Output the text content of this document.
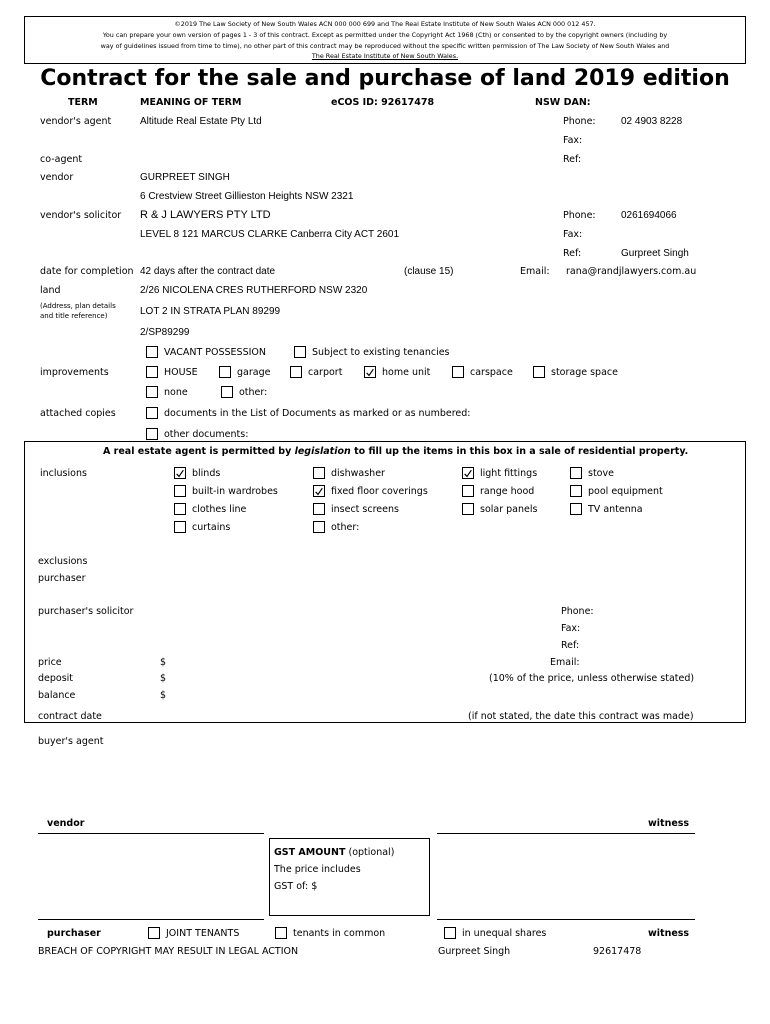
©2019 The Law Society of New South Wales ACN 000 000 699 and The Real Estate Institute of New South Wales ACN 000 012 457.
You can prepare your own version of pages 1 - 3 of this contract. Except as permitted under the Copyright Act 1968 (Cth) or consented to by the copyright owners (including by
way of guidelines issued from time to time), no other part of this contract may be reproduced without the specific written permission of The Law Society of New South Wales and
The Real Estate Institute of New South Wales.
Contract for the sale and purchase of land 2019 edition
TERM	MEANING OF TERM	eCOS ID: 92617478	NSW DAN:
vendor's agent	Altitude Real Estate Pty Ltd	Phone:	02 4903 8228
Fax:
Ref:
co-agent
vendor	GURPREET SINGH
6 Crestview Street Gillieston Heights NSW 2321
vendor's solicitor R & J LAWYERS PTY LTD
LEVEL 8 121 MARCUS CLARKE Canberra City ACT 2601
Phone:	0261694066
Fax:
Ref:	Gurpreet Singh
date for completion 42 days after the contract date	(clause 15)	Email: rana@randjlawyers.com.au
land	2/26 NICOLENA CRES RUTHERFORD NSW 2320
(Address, plan details
and title reference)	LOT 2 IN STRATA PLAN 89299
2/SP89299
VACANT POSSESSION	Subject to existing tenancies
improvements	HOUSE	garage	carport	home unit	carspace	storage space
none	other:
attached copies	documents in the List of Documents as marked or as numbered:
other documents:
A real estate agent is permitted by legislation to fill up the items in this box in a sale of residential property.
inclusions	blinds	dishwasher	light fittings	stove
built-in wardrobes	fixed floor coverings	range hood	pool equipment
clothes line	insect screens	solar panels	TV antenna
curtains	other:
exclusions
purchaser
purchaser's solicitor	Phone:
Fax:
Ref:
Email:
price	$
deposit	$	(10% of the price, unless otherwise stated)
balance	$
contract date	(if not stated, the date this contract was made)
buyer's agent
vendor	witness
GST AMOUNT (optional)
The price includes
GST of: $
purchaser	JOINT TENANTS	tenants in common	in unequal shares	witness
BREACH OF COPYRIGHT MAY RESULT IN LEGAL ACTION	Gurpreet Singh	92617478
